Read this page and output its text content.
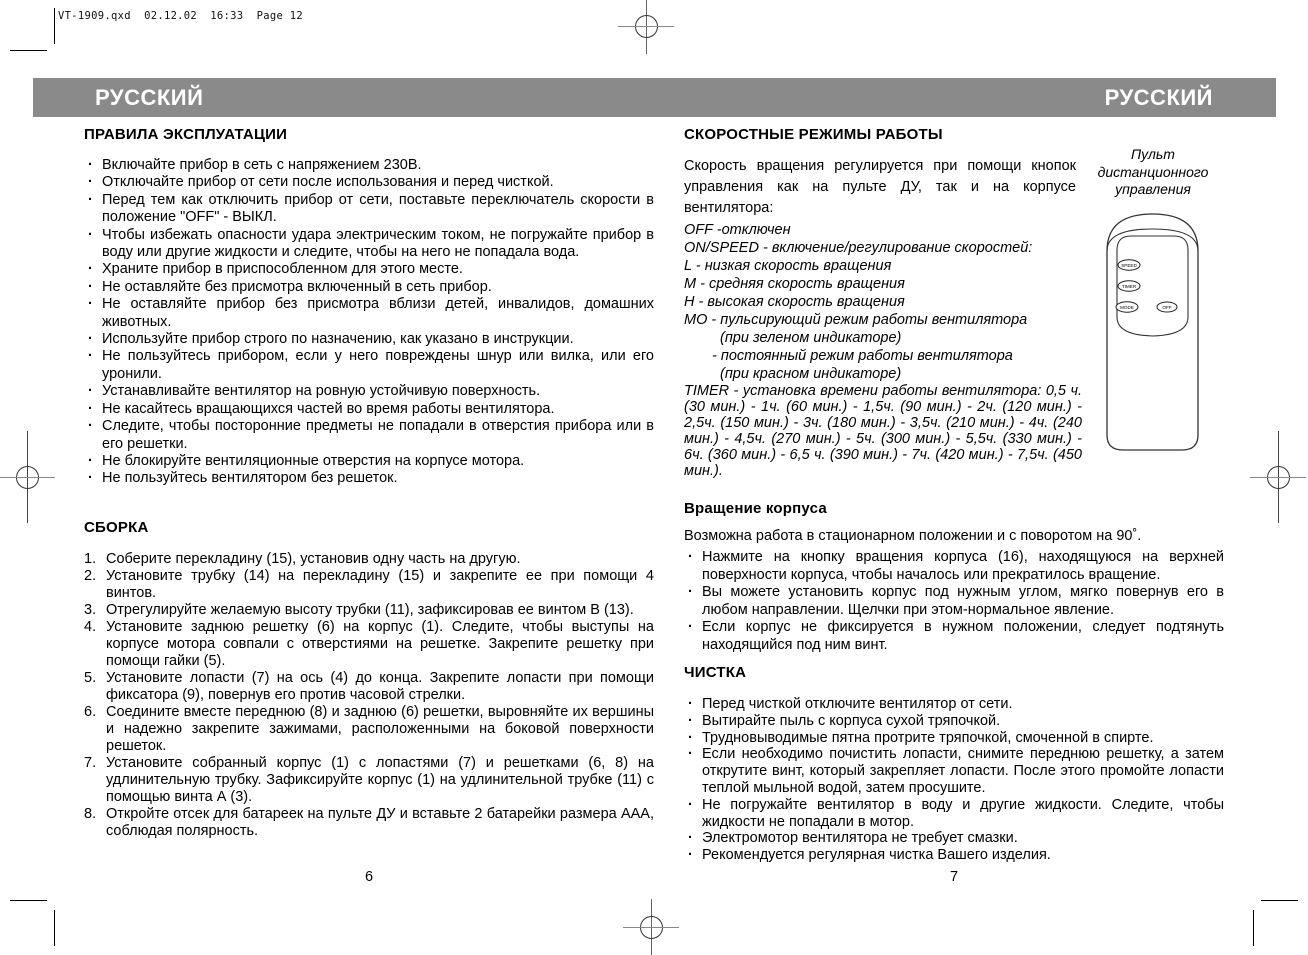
VT-1909.qxd  02.12.02  16:33  Page 12
РУССКИЙ	РУССКИЙ
ПРАВИЛА ЭКСПЛУАТАЦИИ
· Включайте прибор в сеть с напряжением 230В.
· Отключайте прибор от сети после использования и перед чисткой.
· Перед тем как отключить прибор от сети, поставьте переключатель скорости в положение "OFF" - ВЫКЛ.
· Чтобы избежать опасности удара электрическим током, не погружайте прибор в воду или другие жидкости и следите, чтобы на него не попадала вода.
· Храните прибор в приспособленном для этого месте.
· Не оставляйте без присмотра включенный в сеть прибор.
· Не оставляйте прибор без присмотра вблизи детей, инвалидов, домашних животных.
· Используйте прибор строго по назначению, как указано в инструкции.
· Не пользуйтесь прибором, если у него повреждены шнур или вилка, или его уронили.
· Устанавливайте вентилятор на ровную устойчивую поверхность.
· Не касайтесь вращающихся частей во время работы вентилятора.
· Следите, чтобы посторонние предметы не попадали в отверстия прибора или в его решетки.
· Не блокируйте вентиляционные отверстия на корпусе мотора.
· Не пользуйтесь вентилятором без решеток.
СБОРКА
Соберите перекладину (15), установив одну часть на другую.
Установите трубку (14) на перекладину (15) и закрепите ее при помощи 4 винтов.
Отрегулируйте желаемую высоту трубки (11), зафиксировав ее винтом В (13).
Установите заднюю решетку (6) на корпус (1). Следите, чтобы выступы на корпусе мотора совпали с отверстиями на решетке. Закрепите решетку при помощи гайки (5).
Установите лопасти (7) на ось (4) до конца. Закрепите лопасти при помощи фиксатора (9), повернув его против часовой стрелки.
Соедините вместе переднюю (8) и заднюю (6) решетки, выровняйте их вершины и надежно закрепите зажимами, расположенными на боковой поверхности решеток.
Установите собранный корпус (1) с лопастями (7) и решетками (6, 8) на удлинительную трубку. Зафиксируйте корпус (1) на удлинительной трубке (11) с помощью винта А (3).
Откройте отсек для батареек на пульте ДУ и вставьте 2 батарейки размера ААА, соблюдая полярность.
6
СКОРОСТНЫЕ РЕЖИМЫ РАБОТЫ
Скорость вращения регулируется при помощи кнопок управления как на пульте ДУ, так и на корпусе вентилятора:
OFF -отключен
ON/SPEED - включение/регулирование скоростей:
L - низкая скорость вращения
M - средняя скорость вращения
H - высокая скорость вращения
MO - пульсирующий режим работы вентилятора
(при зеленом индикаторе)
- постоянный режим работы вентилятора
(при красном индикаторе)
TIMER - установка времени работы вентилятора: 0,5 ч. (30 мин.) - 1ч. (60 мин.) - 1,5ч. (90 мин.) - 2ч. (120 мин.) - 2,5ч. (150 мин.) - 3ч. (180 мин.) - 3,5ч. (210 мин.) - 4ч. (240 мин.) - 4,5ч. (270 мин.) - 5ч. (300 мин.) - 5,5ч. (330 мин.) - 6ч. (360 мин.) - 6,5 ч. (390 мин.) - 7ч. (420 мин.) - 7,5ч. (450 мин.).
Пульт дистанционного управления
SPEED
TIMER
MODE	OFF
Вращение корпуса
Возможна работа в стационарном положении и с поворотом на 90˚.
· Нажмите на кнопку вращения корпуса (16), находящуюся на верхней поверхности корпуса, чтобы началось или прекратилось вращение.
· Вы можете установить корпус под нужным углом, мягко повернув его в любом направлении. Щелчки при этом-нормальное явление.
· Если корпус не фиксируется в нужном положении, следует подтянуть находящийся под ним винт.
ЧИСТКА
· Перед чисткой отключите вентилятор от сети.
· Вытирайте пыль с корпуса сухой тряпочкой.
· Трудновыводимые пятна протрите тряпочкой, смоченной в спирте.
· Если необходимо почистить лопасти, снимите переднюю решетку, а затем открутите винт, который закрепляет лопасти. После этого промойте лопасти теплой мыльной водой, затем просушите.
· Не погружайте вентилятор в воду и другие жидкости. Следите, чтобы жидкости не попадали в мотор.
· Электромотор вентилятора не требует смазки.
· Рекомендуется регулярная чистка Вашего изделия.
7
